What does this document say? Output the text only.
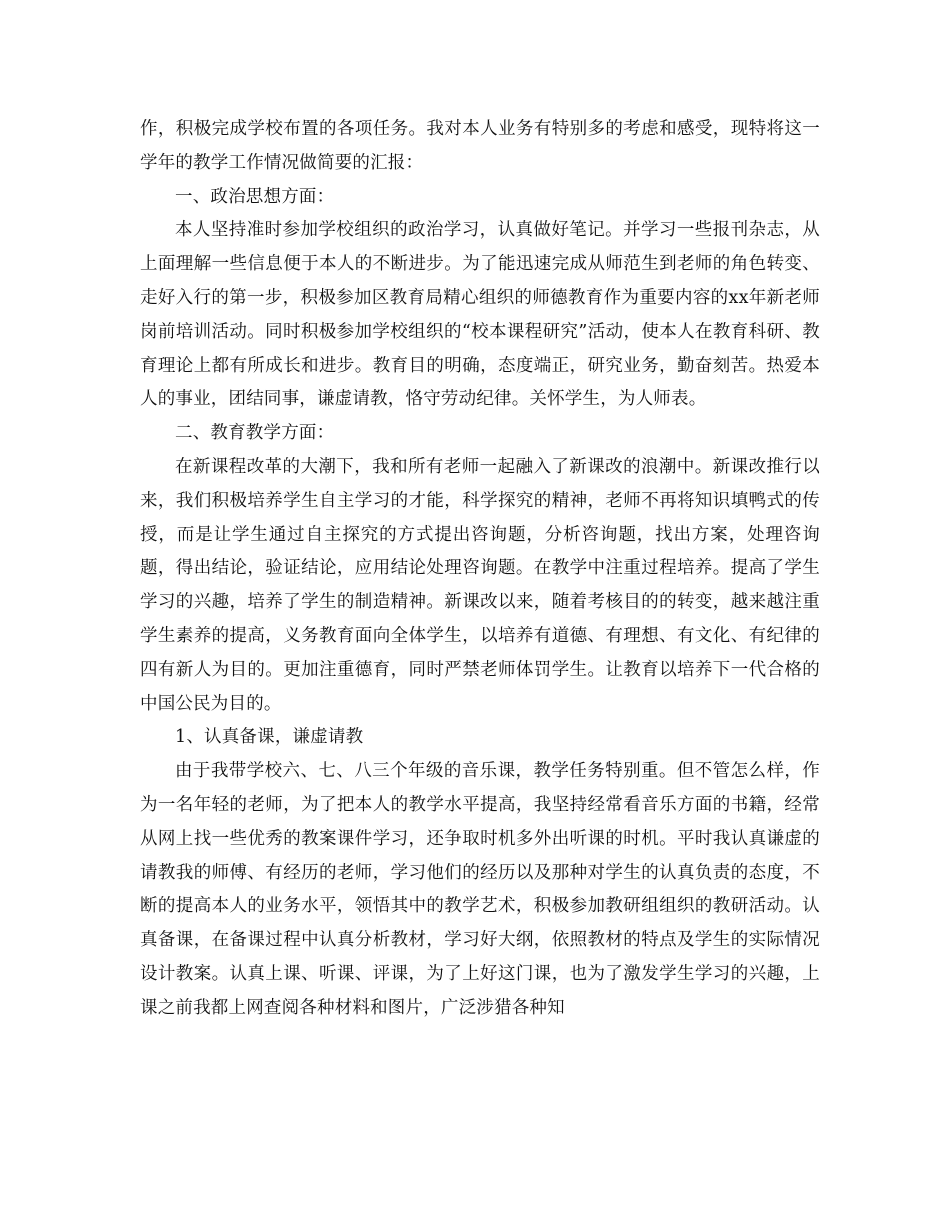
作，积极完成学校布置的各项任务。我对本人业务有特别多的考虑和感受，现特将这一学年的教学工作情况做简要的汇报：

一、政治思想方面：

本人坚持准时参加学校组织的政治学习，认真做好笔记。并学习一些报刊杂志，从上面理解一些信息便于本人的不断进步。为了能迅速完成从师范生到老师的角色转变、走好入行的第一步，积极参加区教育局精心组织的师德教育作为重要内容的xx年新老师岗前培训活动。同时积极参加学校组织的“校本课程研究”活动，使本人在教育科研、教育理论上都有所成长和进步。教育目的明确，态度端正，研究业务，勤奋刻苦。热爱本人的事业，团结同事，谦虚请教，恪守劳动纪律。关怀学生，为人师表。

二、教育教学方面：

在新课程改革的大潮下，我和所有老师一起融入了新课改的浪潮中。新课改推行以来，我们积极培养学生自主学习的才能，科学探究的精神，老师不再将知识填鸭式的传授，而是让学生通过自主探究的方式提出咨询题，分析咨询题，找出方案，处理咨询题，得出结论，验证结论，应用结论处理咨询题。在教学中注重过程培养。提高了学生学习的兴趣，培养了学生的制造精神。新课改以来，随着考核目的的转变，越来越注重学生素养的提高，义务教育面向全体学生，以培养有道德、有理想、有文化、有纪律的四有新人为目的。更加注重德育，同时严禁老师体罚学生。让教育以培养下一代合格的中国公民为目的。

1、认真备课，谦虚请教

由于我带学校六、七、八三个年级的音乐课，教学任务特别重。但不管怎么样，作为一名年轻的老师，为了把本人的教学水平提高，我坚持经常看音乐方面的书籍，经常从网上找一些优秀的教案课件学习，还争取时机多外出听课的时机。平时我认真谦虚的请教我的师傅、有经历的老师，学习他们的经历以及那种对学生的认真负责的态度，不断的提高本人的业务水平，领悟其中的教学艺术，积极参加教研组组织的教研活动。认真备课，在备课过程中认真分析教材，学习好大纲，依照教材的特点及学生的实际情况设计教案。认真上课、听课、评课，为了上好这门课，也为了激发学生学习的兴趣，上课之前我都上网查阅各种材料和图片，广泛涉猎各种知
